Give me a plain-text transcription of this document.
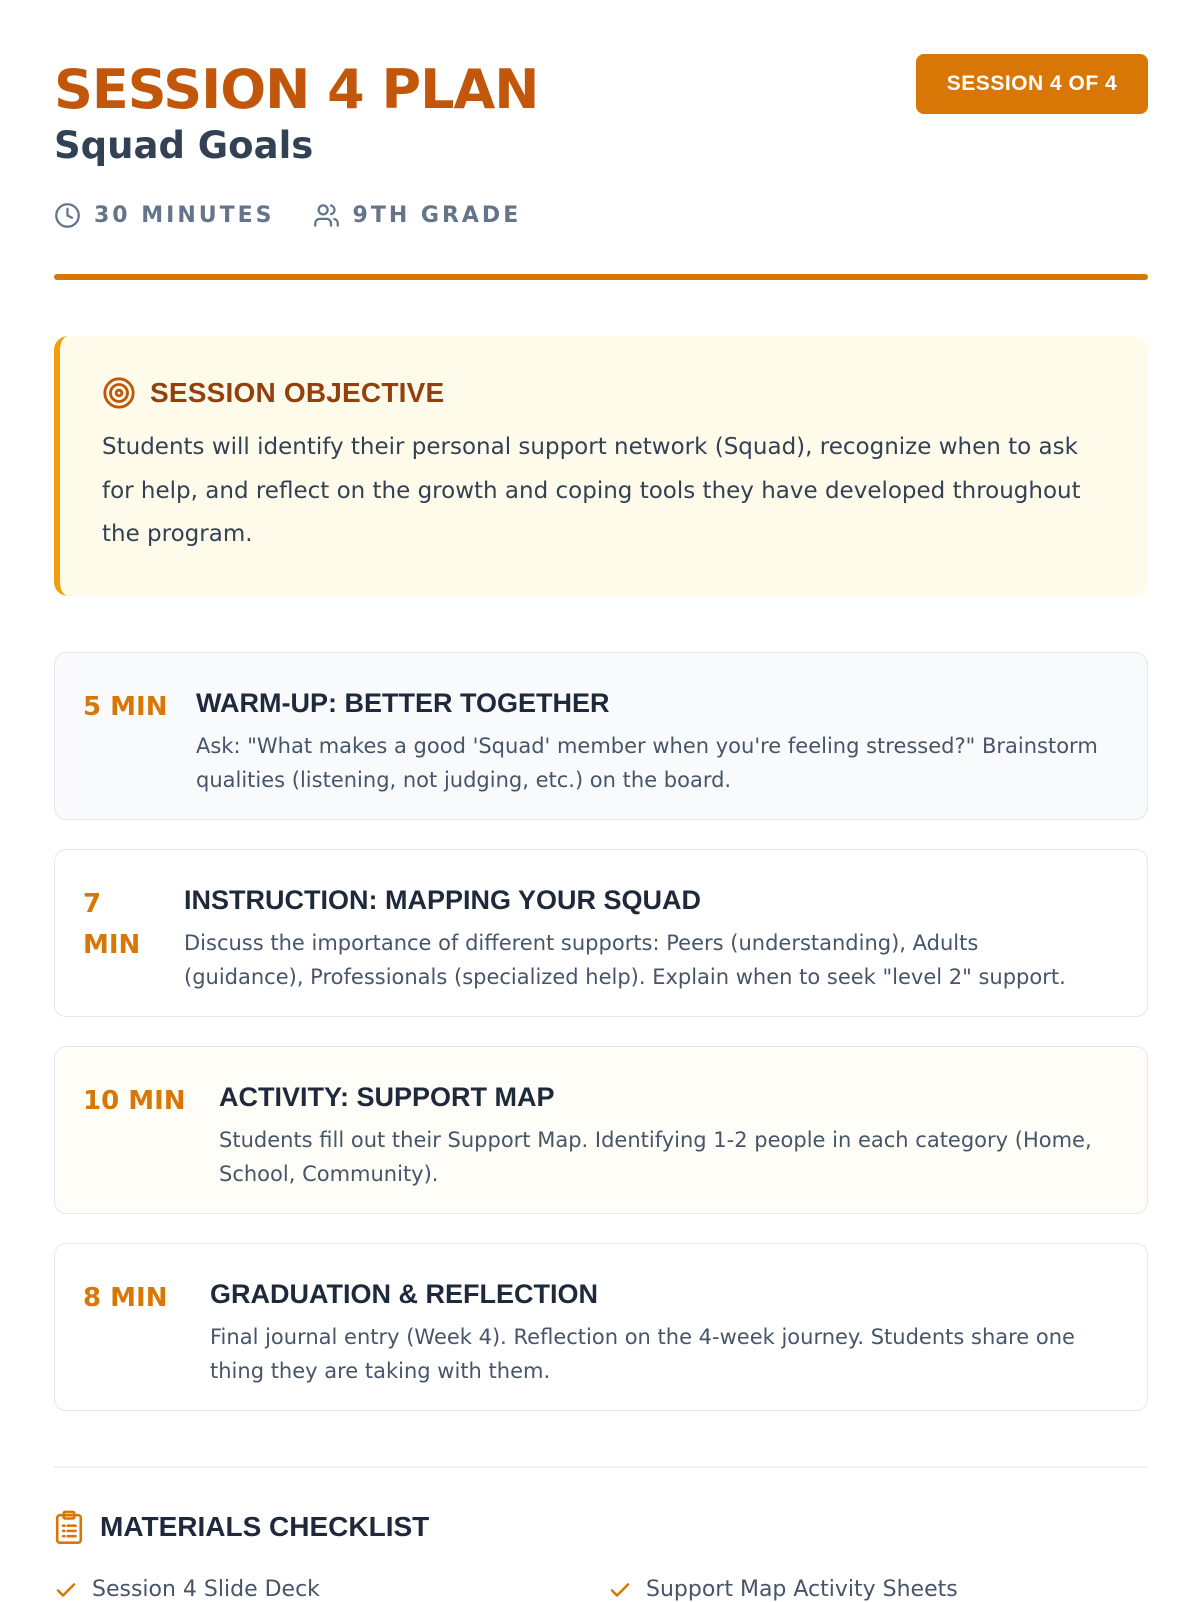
SESSION 4 PLAN
Squad Goals
SESSION 4 OF 4
30 MINUTES	9TH GRADE
SESSION OBJECTIVE

Students will identify their personal support network (Squad), recognize when to ask for help, and reflect on the growth and coping tools they have developed throughout the program.

5 MIN WARM-UP: BETTER TOGETHER

Ask: "What makes a good 'Squad' member when you're feeling stressed?" Brainstorm qualities (listening, not judging, etc.) on the board.

7 MIN
INSTRUCTION: MAPPING YOUR SQUAD

Discuss the importance of different supports: Peers (understanding), Adults (guidance), Professionals (specialized help). Explain when to seek "level 2" support.

10 MIN ACTIVITY: SUPPORT MAP

Students fill out their Support Map. Identifying 1-2 people in each category (Home, School, Community).

8 MIN GRADUATION & REFLECTION

Final journal entry (Week 4). Reflection on the 4-week journey. Students share one thing they are taking with them.

MATERIALS CHECKLIST
Session 4 Slide Deck	Support Map Activity Sheets
